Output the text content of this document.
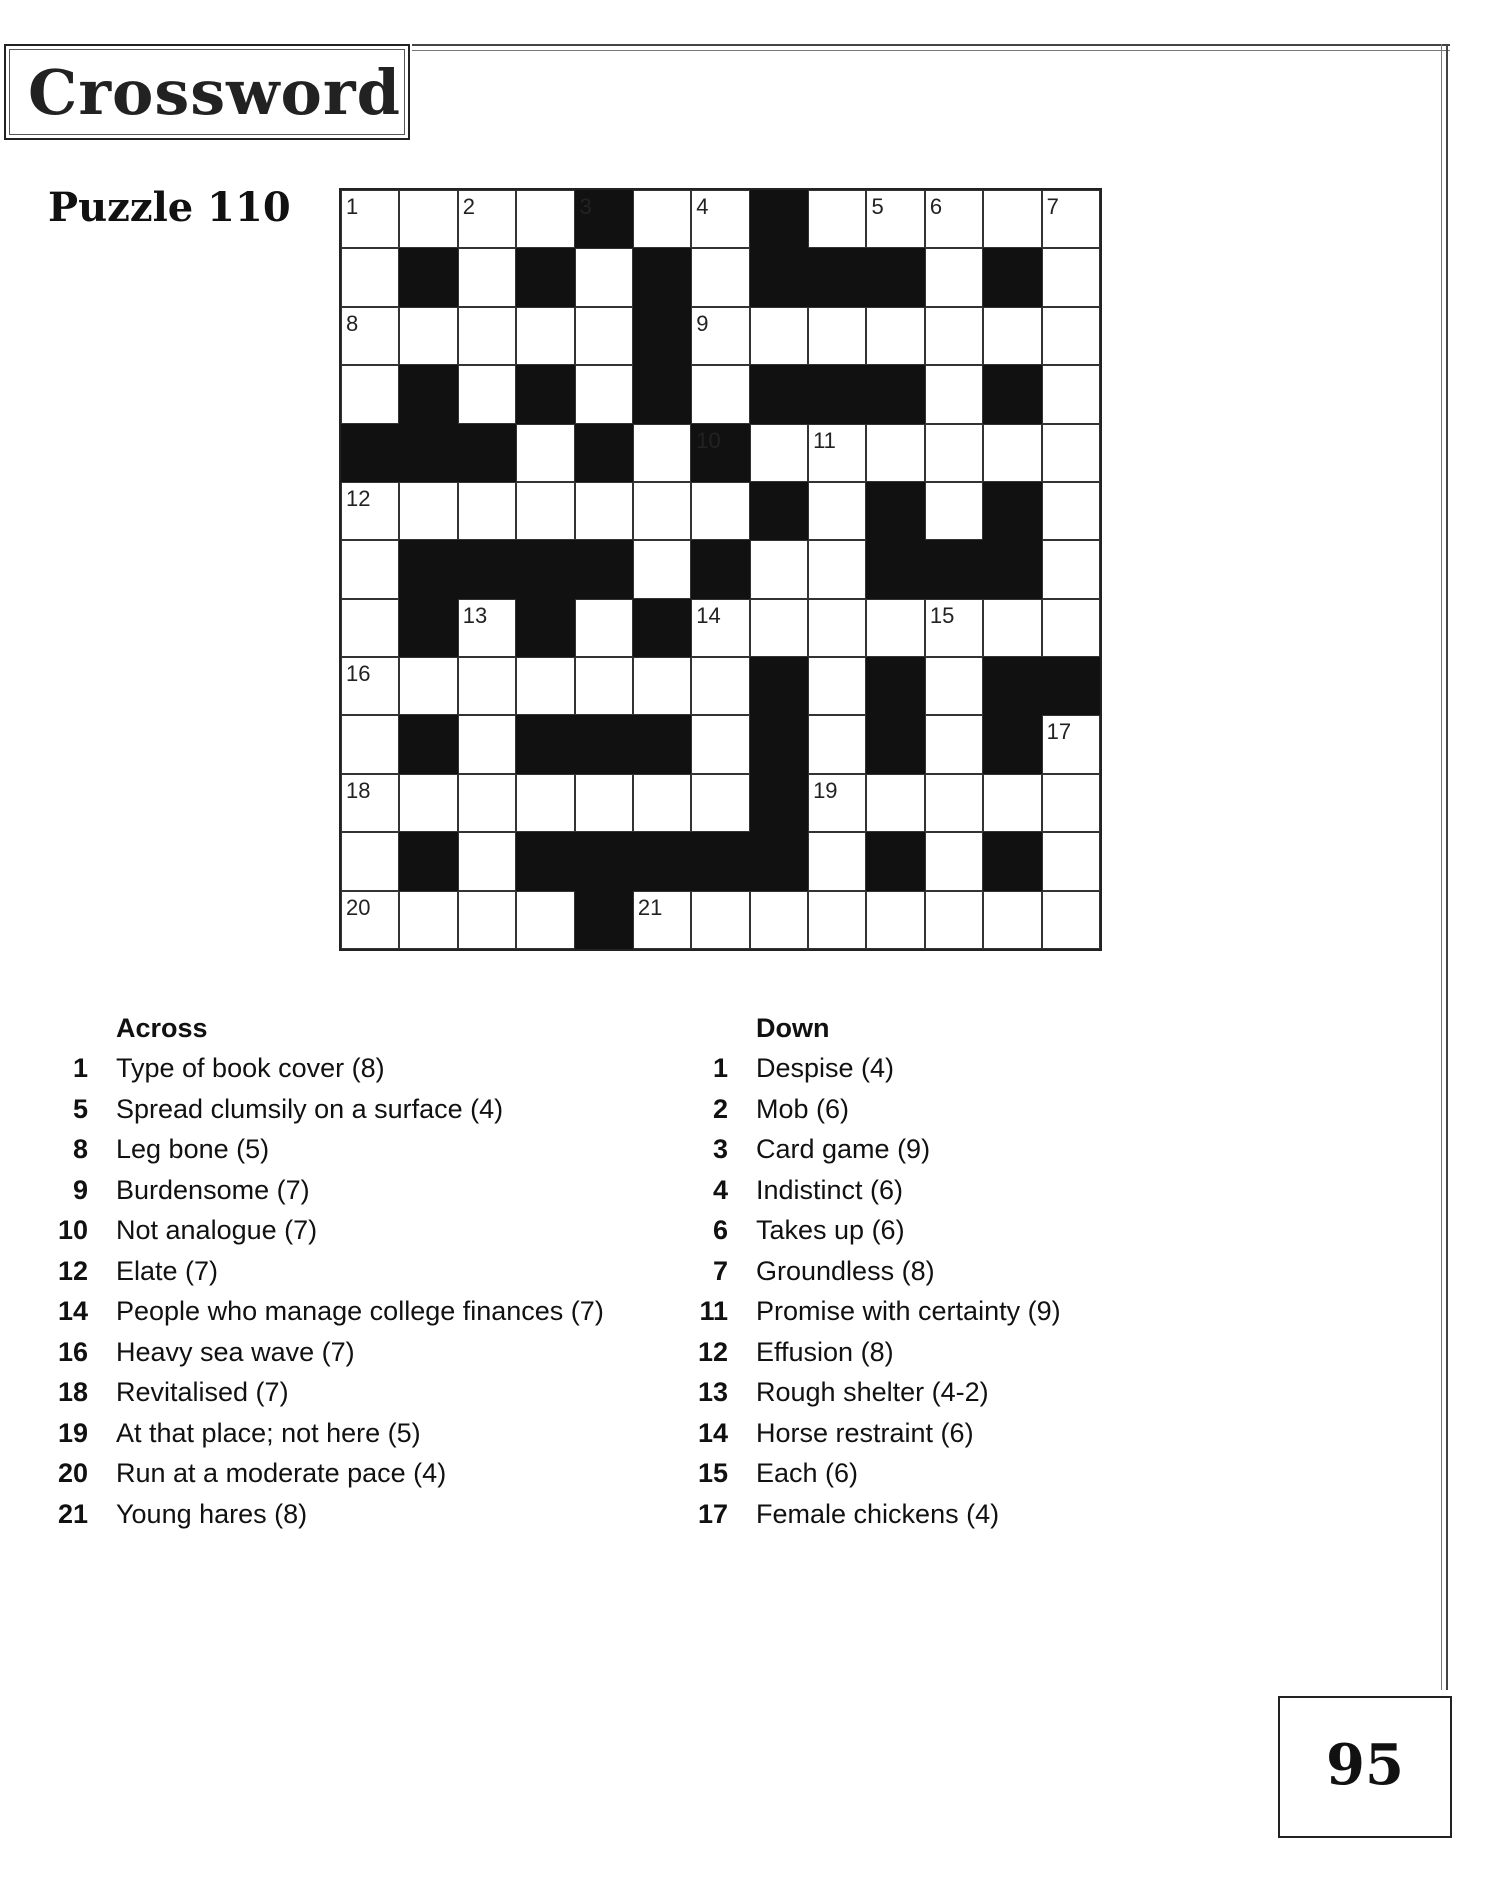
Crossword
Puzzle 110	1	2	3	4	5 6	7
8	9
10	11
12
13	14	15
16
17
18	19
20	21
Across
1 Type of book cover (8)
5 Spread clumsily on a surface (4)
8 Leg bone (5)
9 Burdensome (7)
10 Not analogue (7)
12 Elate (7)
14 People who manage college finances (7)
16 Heavy sea wave (7)
18 Revitalised (7)
19 At that place; not here (5)
20 Run at a moderate pace (4)
21 Young hares (8)
Down
1 Despise (4)
2 Mob (6)
3 Card game (9)
4 Indistinct (6)
6 Takes up (6)
7 Groundless (8)
11 Promise with certainty (9)
12 Effusion (8)
13 Rough shelter (4-2)
14 Horse restraint (6)
15 Each (6)
17 Female chickens (4)
95
